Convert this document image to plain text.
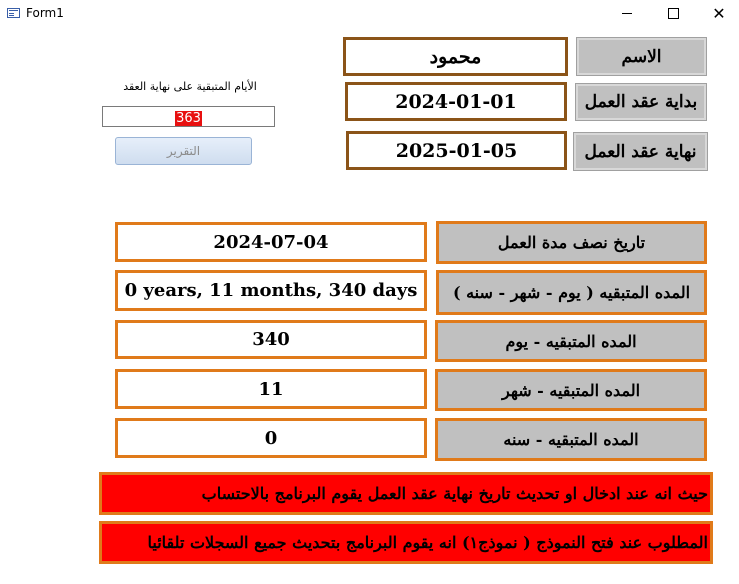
Form1	✕
محمود	الاسم
2024-01-01	بداية عقد العمل
2025-01-05	نهاية عقد العمل
الأيام المتبقية على نهاية العقد
363
التقرير
2024-07-04	تاريخ نصف مدة العمل
0 years, 11 months, 340 days	المده المتبقيه ( يوم - شهر - سنه )
340	المده المتبقيه - يوم
11	المده المتبقيه - شهر
0	المده المتبقيه - سنه
حيث انه عند ادخال او تحديث تاريخ نهاية عقد العمل يقوم البرنامج بالاحتساب
المطلوب عند فتح النموذج ( نموذج١) انه يقوم البرنامج بتحديث جميع السجلات تلقائيا
